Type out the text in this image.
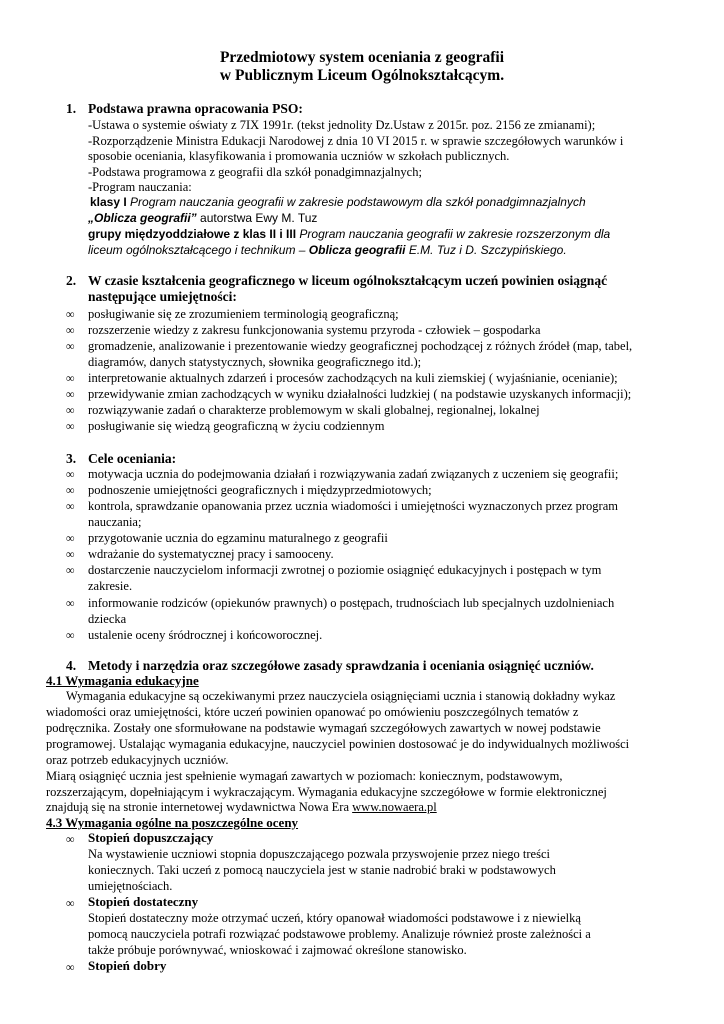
Przedmiotowy system oceniania z geografii
w Publicznym Liceum Ogólnokształcącym.
1. Podstawa prawna opracowania PSO:
-Ustawa o systemie oświaty z 7IX 1991r. (tekst jednolity Dz.Ustaw z 2015r. poz. 2156 ze zmianami);
-Rozporządzenie Ministra Edukacji Narodowej z dnia 10 VI 2015 r. w sprawie szczegółowych warunków i
sposobie oceniania, klasyfikowania i promowania uczniów w szkołach publicznych.
-Podstawa programowa z geografii dla szkół ponadgimnazjalnych;
-Program nauczania:
klasy I Program nauczania geografii w zakresie podstawowym dla szkół ponadgimnazjalnych
„Oblicza geografii” autorstwa Ewy M. Tuz
grupy międzyoddziałowe z klas II i III Program nauczania geografii w zakresie rozszerzonym dla
liceum ogólnokształcącego i technikum – Oblicza geografii E.M. Tuz i D. Szczypińskiego.
2. W czasie kształcenia geograficznego w liceum ogólnokształcącym uczeń powinien osiągnąć
następujące umiejętności:
∞ posługiwanie się ze zrozumieniem terminologią geograficzną;
∞ rozszerzenie wiedzy z zakresu funkcjonowania systemu przyroda - człowiek – gospodarka
∞ gromadzenie, analizowanie i prezentowanie wiedzy geograficznej pochodzącej z różnych źródeł (map, tabel,
diagramów, danych statystycznych, słownika geograficznego itd.);
∞ interpretowanie aktualnych zdarzeń i procesów zachodzących na kuli ziemskiej ( wyjaśnianie, ocenianie);
∞ przewidywanie zmian zachodzących w wyniku działalności ludzkiej ( na podstawie uzyskanych informacji);
∞ rozwiązywanie zadań o charakterze problemowym w skali globalnej, regionalnej, lokalnej
∞ posługiwanie się wiedzą geograficzną w życiu codziennym
3. Cele oceniania:
∞ motywacja ucznia do podejmowania działań i rozwiązywania zadań związanych z uczeniem się geografii;
∞ podnoszenie umiejętności geograficznych i międzyprzedmiotowych;
∞ kontrola, sprawdzanie opanowania przez ucznia wiadomości i umiejętności wyznaczonych przez program
nauczania;
∞ przygotowanie ucznia do egzaminu maturalnego z geografii
∞ wdrażanie do systematycznej pracy i samooceny.
∞ dostarczenie nauczycielom informacji zwrotnej o poziomie osiągnięć edukacyjnych i postępach w tym
zakresie.
∞ informowanie rodziców (opiekunów prawnych) o postępach, trudnościach lub specjalnych uzdolnieniach
dziecka
∞ ustalenie oceny śródrocznej i końcoworocznej.
4. Metody i narzędzia oraz szczegółowe zasady sprawdzania i oceniania osiągnięć uczniów.
4.1 Wymagania edukacyjne
Wymagania edukacyjne są oczekiwanymi przez nauczyciela osiągnięciami ucznia i stanowią dokładny wykaz
wiadomości oraz umiejętności, które uczeń powinien opanować po omówieniu poszczególnych tematów z
podręcznika. Zostały one sformułowane na podstawie wymagań szczegółowych zawartych w nowej podstawie
programowej. Ustalając wymagania edukacyjne, nauczyciel powinien dostosować je do indywidualnych możliwości
oraz potrzeb edukacyjnych uczniów.
Miarą osiągnięć ucznia jest spełnienie wymagań zawartych w poziomach: koniecznym, podstawowym,
rozszerzającym, dopełniającym i wykraczającym. Wymagania edukacyjne szczegółowe w formie elektronicznej
znajdują się na stronie internetowej wydawnictwa Nowa Era www.nowaera.pl
4.3 Wymagania ogólne na poszczególne oceny
∞ Stopień dopuszczający
Na wystawienie uczniowi stopnia dopuszczającego pozwala przyswojenie przez niego treści
koniecznych. Taki uczeń z pomocą nauczyciela jest w stanie nadrobić braki w podstawowych
umiejętnościach.
∞ Stopień dostateczny
Stopień dostateczny może otrzymać uczeń, który opanował wiadomości podstawowe i z niewielką
pomocą nauczyciela potrafi rozwiązać podstawowe problemy. Analizuje również proste zależności a
także próbuje porównywać, wnioskować i zajmować określone stanowisko.
∞ Stopień dobry
